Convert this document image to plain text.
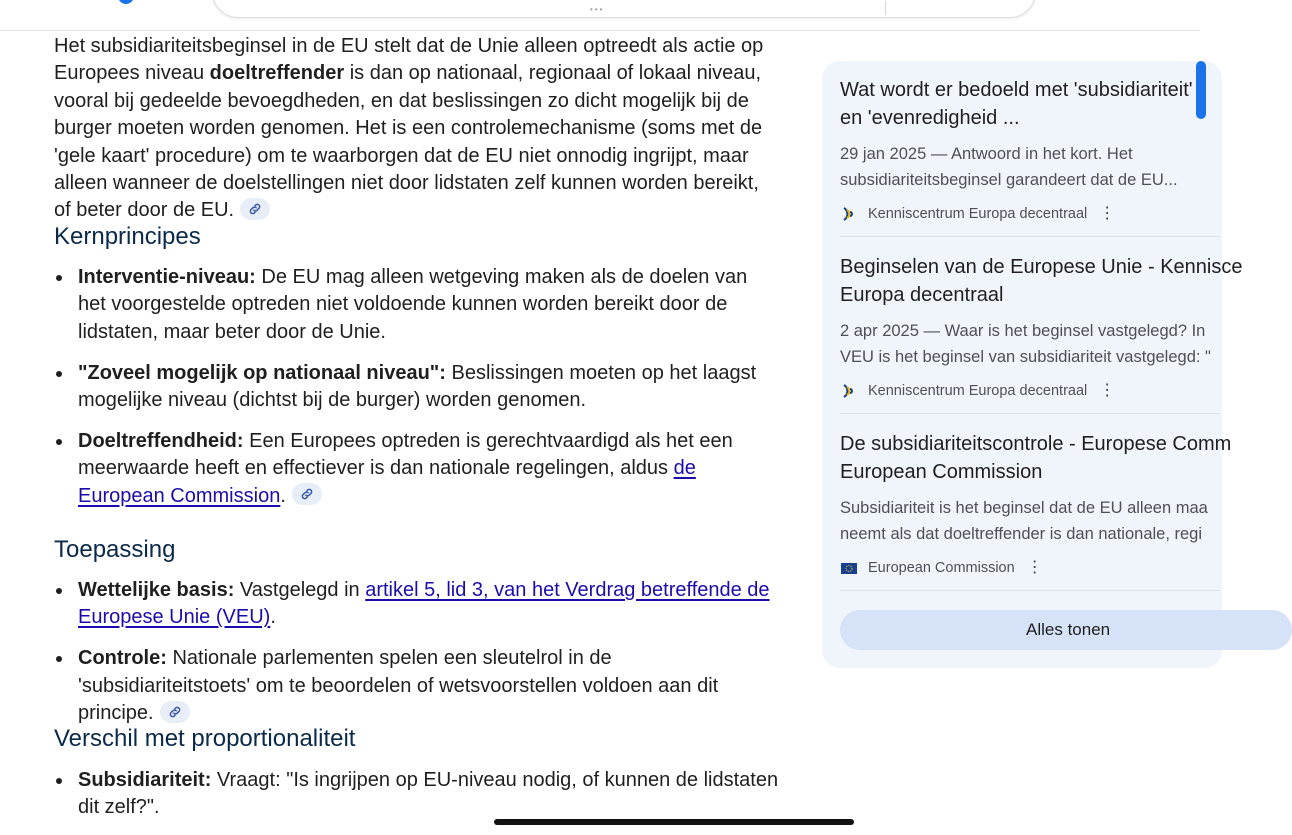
•••

Het subsidiariteitsbeginsel in de EU stelt dat de Unie alleen optreedt als actie op Europees niveau doeltreffender is dan op nationaal, regionaal of lokaal niveau, vooral bij gedeelde bevoegdheden, en dat beslissingen zo dicht mogelijk bij de burger moeten worden genomen. Het is een controlemechanisme (soms met de 'gele kaart' procedure) om te waarborgen dat de EU niet onnodig ingrijpt, maar alleen wanneer de doelstellingen niet door lidstaten zelf kunnen worden bereikt, of beter door de EU.

Kernprincipes
Interventie-niveau: De EU mag alleen wetgeving maken als de doelen van het voorgestelde optreden niet voldoende kunnen worden bereikt door de lidstaten, maar beter door de Unie.
"Zoveel mogelijk op nationaal niveau": Beslissingen moeten op het laagst mogelijke niveau (dichtst bij de burger) worden genomen.
Doeltreffendheid: Een Europees optreden is gerechtvaardigd als het een meerwaarde heeft en effectiever is dan nationale regelingen, aldus de European Commission.
Toepassing
Wettelijke basis: Vastgelegd in artikel 5, lid 3, van het Verdrag betreffende de Europese Unie (VEU).
Controle: Nationale parlementen spelen een sleutelrol in de 'subsidiariteitstoets' om te beoordelen of wetsvoorstellen voldoen aan dit principe.
Verschil met proportionaliteit
Subsidiariteit: Vraagt: "Is ingrijpen op EU-niveau nodig, of kunnen de lidstaten dit zelf?".
Wat wordt er bedoeld met 'subsidiariteit'
en 'evenredigheid ...
29 jan 2025 — Antwoord in het kort. Het
subsidiariteitsbeginsel garandeert dat de EU...
Kenniscentrum Europa decentraal ⋮
Beginselen van de Europese Unie - Kennisce
Europa decentraal
2 apr 2025 — Waar is het beginsel vastgelegd? In
VEU is het beginsel van subsidiariteit vastgelegd: "
Kenniscentrum Europa decentraal ⋮
De subsidiariteitscontrole - Europese Comm
European Commission
Subsidiariteit is het beginsel dat de EU alleen maa
neemt als dat doeltreffender is dan nationale, regi
European Commission ⋮
Alles tonen
